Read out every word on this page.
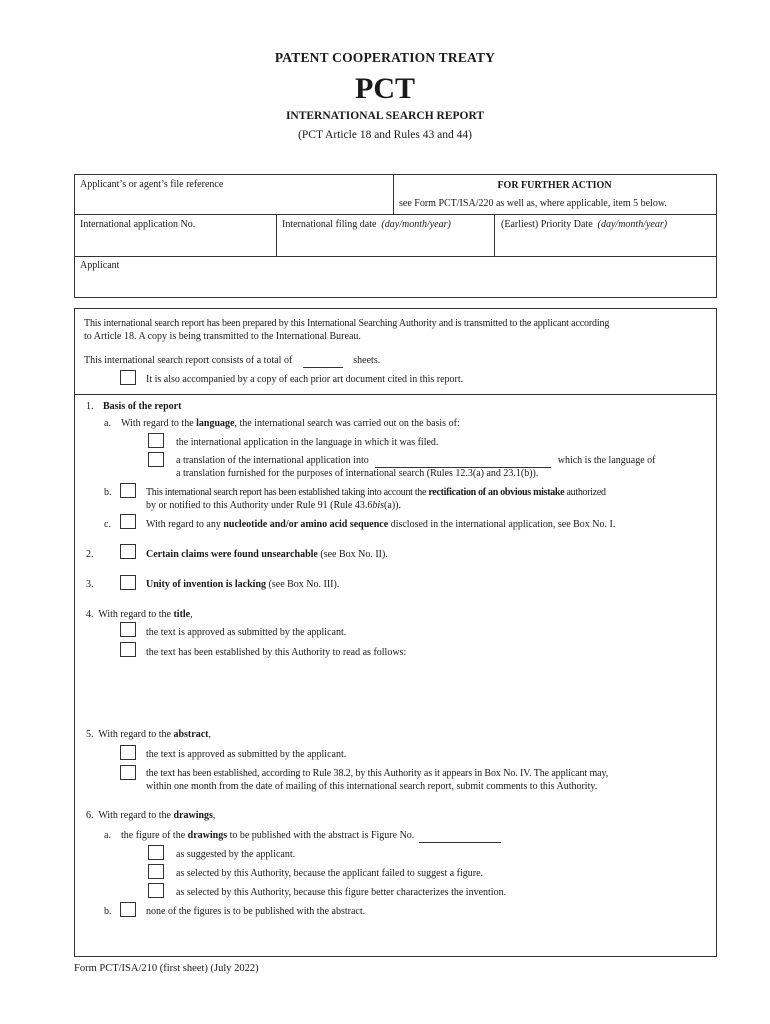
PATENT COOPERATION TREATY
PCT
INTERNATIONAL SEARCH REPORT
(PCT Article 18 and Rules 43 and 44)
Applicant’s or agent’s file reference	FOR FURTHER ACTION
see Form PCT/ISA/220 as well as, where applicable, item 5 below.
International application No.	International filing date (day/month/year)	(Earliest) Priority Date (day/month/year)
Applicant
This international search report has been prepared by this International Searching Authority and is transmitted to the applicant according
to Article 18. A copy is being transmitted to the International Bureau.
This international search report consists of a total of	sheets.
It is also accompanied by a copy of each prior art document cited in this report.
1. Basis of the report
a. With regard to the language, the international search was carried out on the basis of:
the international application in the language in which it was filed.
a translation of the international application into	which is the language of
a translation furnished for the purposes of international search (Rules 12.3(a) and 23.1(b)).
b.	This international search report has been established taking into account the rectification of an obvious mistake authorized
by or notified to this Authority under Rule 91 (Rule 43.6bis(a)).
c.	With regard to any nucleotide and/or amino acid sequence disclosed in the international application, see Box No. I.
2.	Certain claims were found unsearchable (see Box No. II).
3.	Unity of invention is lacking (see Box No. III).
4. With regard to the title,
the text is approved as submitted by the applicant.
the text has been established by this Authority to read as follows:
5. With regard to the abstract,
the text is approved as submitted by the applicant.
the text has been established, according to Rule 38.2, by this Authority as it appears in Box No. IV. The applicant may,
within one month from the date of mailing of this international search report, submit comments to this Authority.
6. With regard to the drawings,
a. the figure of the drawings to be published with the abstract is Figure No.
as suggested by the applicant.
as selected by this Authority, because the applicant failed to suggest a figure.
as selected by this Authority, because this figure better characterizes the invention.
b.	none of the figures is to be published with the abstract.
Form PCT/ISA/210 (first sheet) (July 2022)
